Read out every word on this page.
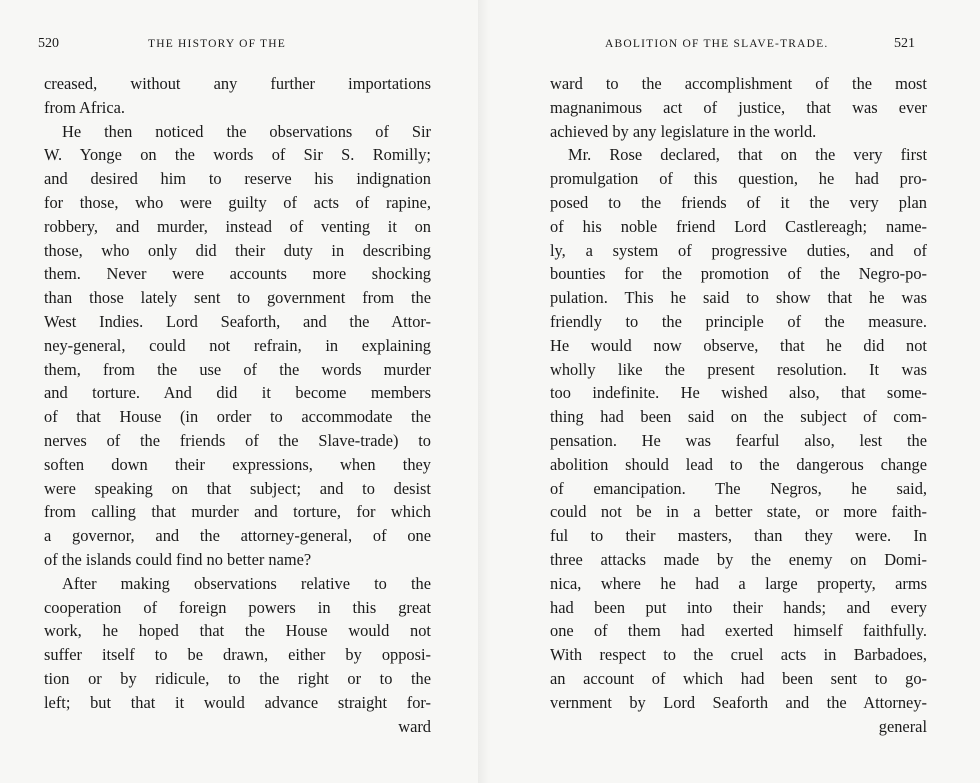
520	THE HISTORY OF THE
creased, without any further importations
from Africa.
He then noticed the observations of Sir
W. Yonge on the words of Sir S. Romilly;
and desired him to reserve his indignation
for those, who were guilty of acts of rapine,
robbery, and murder, instead of venting it on
those, who only did their duty in describing
them. Never were accounts more shocking
than those lately sent to government from the
West Indies. Lord Seaforth, and the Attor-
ney-general, could not refrain, in explaining
them, from the use of the words murder
and torture. And did it become members
of that House (in order to accommodate the
nerves of the friends of the Slave-trade) to
soften down their expressions, when they
were speaking on that subject; and to desist
from calling that murder and torture, for which
a governor, and the attorney-general, of one
of the islands could find no better name?
After making observations relative to the
cooperation of foreign powers in this great
work, he hoped that the House would not
suffer itself to be drawn, either by opposi-
tion or by ridicule, to the right or to the
left; but that it would advance straight for-
ward
ABOLITION OF THE SLAVE-TRADE.	521
ward to the accomplishment of the most
magnanimous act of justice, that was ever
achieved by any legislature in the world.
Mr. Rose declared, that on the very first
promulgation of this question, he had pro-
posed to the friends of it the very plan
of his noble friend Lord Castlereagh; name-
ly, a system of progressive duties, and of
bounties for the promotion of the Negro-po-
pulation. This he said to show that he was
friendly to the principle of the measure.
He would now observe, that he did not
wholly like the present resolution. It was
too indefinite. He wished also, that some-
thing had been said on the subject of com-
pensation. He was fearful also, lest the
abolition should lead to the dangerous change
of emancipation. The Negros, he said,
could not be in a better state, or more faith-
ful to their masters, than they were. In
three attacks made by the enemy on Domi-
nica, where he had a large property, arms
had been put into their hands; and every
one of them had exerted himself faithfully.
With respect to the cruel acts in Barbadoes,
an account of which had been sent to go-
vernment by Lord Seaforth and the Attorney-
general
